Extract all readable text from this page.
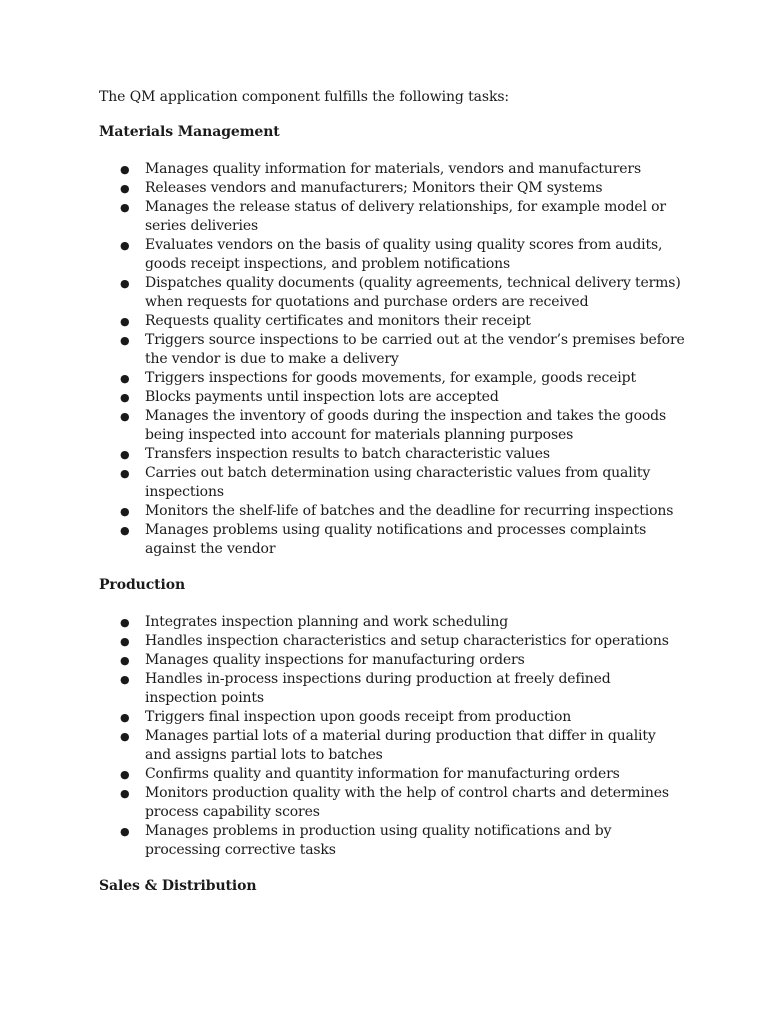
The QM application component fulfills the following tasks:

Materials Management
● Manages quality information for materials, vendors and manufacturers
● Releases vendors and manufacturers; Monitors their QM systems
● Manages the release status of delivery relationships, for example model or series deliveries
● Evaluates vendors on the basis of quality using quality scores from audits, goods receipt inspections, and problem notifications
● Dispatches quality documents (quality agreements, technical delivery terms) when requests for quotations and purchase orders are received
● Requests quality certificates and monitors their receipt
● Triggers source inspections to be carried out at the vendor’s premises before the vendor is due to make a delivery
● Triggers inspections for goods movements, for example, goods receipt
● Blocks payments until inspection lots are accepted
● Manages the inventory of goods during the inspection and takes the goods being inspected into account for materials planning purposes
● Transfers inspection results to batch characteristic values
● Carries out batch determination using characteristic values from quality inspections
● Monitors the shelf-life of batches and the deadline for recurring inspections
● Manages problems using quality notifications and processes complaints against the vendor
Production
● Integrates inspection planning and work scheduling
● Handles inspection characteristics and setup characteristics for operations
● Manages quality inspections for manufacturing orders
● Handles in-process inspections during production at freely defined inspection points
● Triggers final inspection upon goods receipt from production
● Manages partial lots of a material during production that differ in quality and assigns partial lots to batches
● Confirms quality and quantity information for manufacturing orders
● Monitors production quality with the help of control charts and determines process capability scores
● Manages problems in production using quality notifications and by processing corrective tasks
Sales & Distribution
